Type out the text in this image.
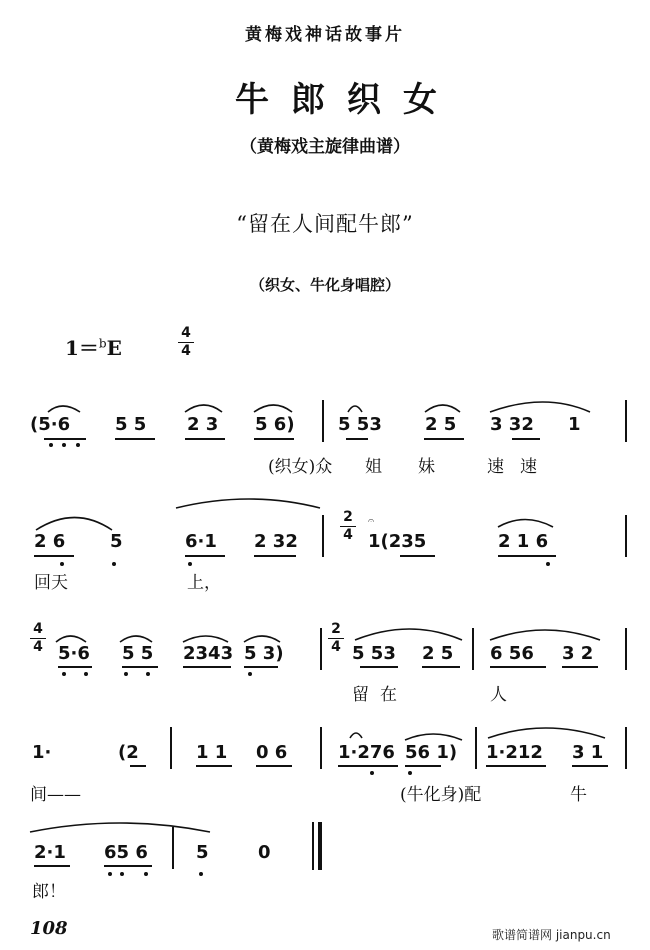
黄梅戏神话故事片
牛郎织女
（黄梅戏主旋律曲谱）
“留在人间配牛郎”
（织女、牛化身唱腔）
1＝$^b$E
4
4
(5·6 5 5 2 3 5 6) 5 53 2 5 3 32 1
(织女)众 姐 妹	速 速
2 6 5	6·1 2 32
2
4
𝄐
1(235	2 1 6
回天	上，
4
4 5·6 5 5 2343 5 3)
2
4 5 53 2 5 6 56 3 2
留 在	人
1·	(2	1 1 0 6	1·276 56 1) 1·212 3 1
间——	(牛化身)配	牛
2·1 65 6	5	0
郎！
108	歌谱简谱网 jianpu.cn
